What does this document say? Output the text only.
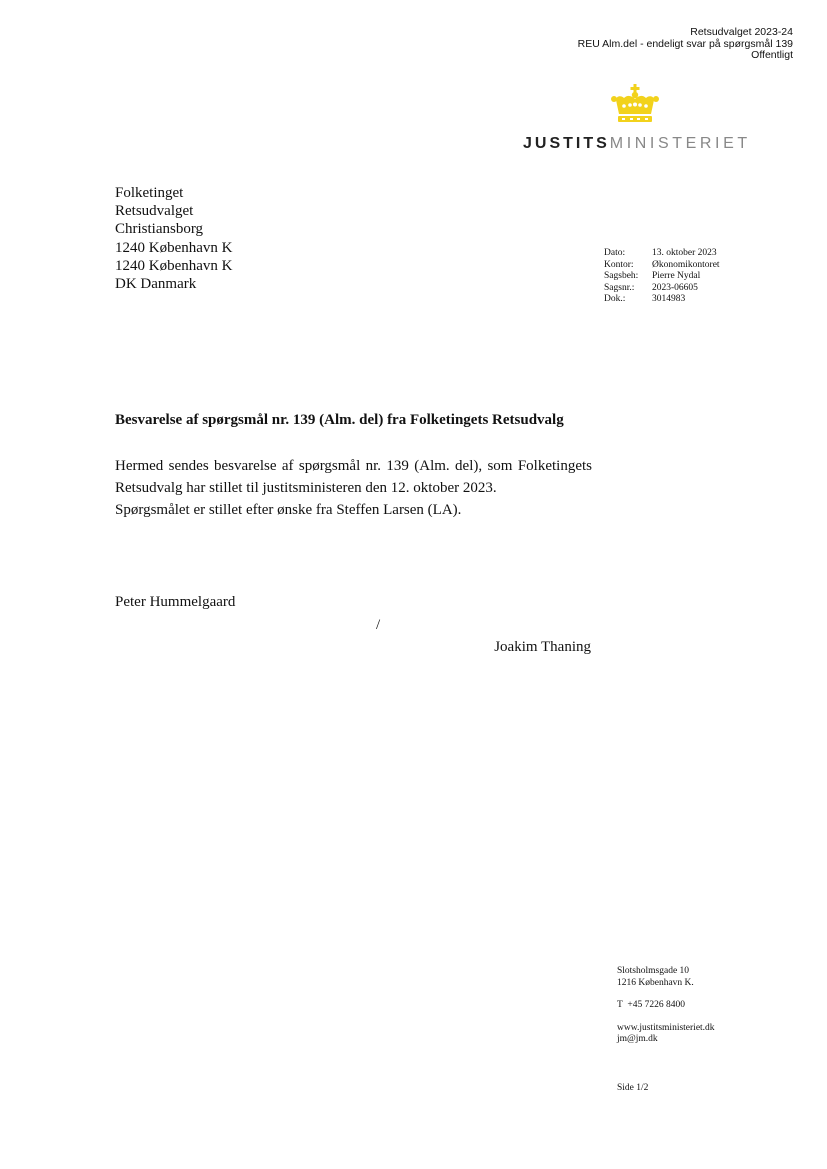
Retsudvalget 2023-24
REU Alm.del - endeligt svar på spørgsmål 139
Offentligt
JUSTITSMINISTERIET
Folketinget
Retsudvalget
Christiansborg
1240 København K
1240 København K
DK Danmark
Dato:	13. oktober 2023
Kontor:	Økonomikontoret
Sagsbeh:	Pierre Nydal
Sagsnr.:	2023-06605
Dok.:	3014983
Besvarelse af spørgsmål nr. 139 (Alm. del) fra Folketingets Retsudvalg

Hermed sendes besvarelse af spørgsmål nr. 139 (Alm. del), som Folketingets Retsudvalg har stillet til justitsministeren den 12. oktober 2023.

Spørgsmålet er stillet efter ønske fra Steffen Larsen (LA).

Peter Hummelgaard
/
Joakim Thaning
Slotsholmsgade 10
1216 København K.
T  +45 7226 8400
www.justitsministeriet.dk
jm@jm.dk
Side 1/2
